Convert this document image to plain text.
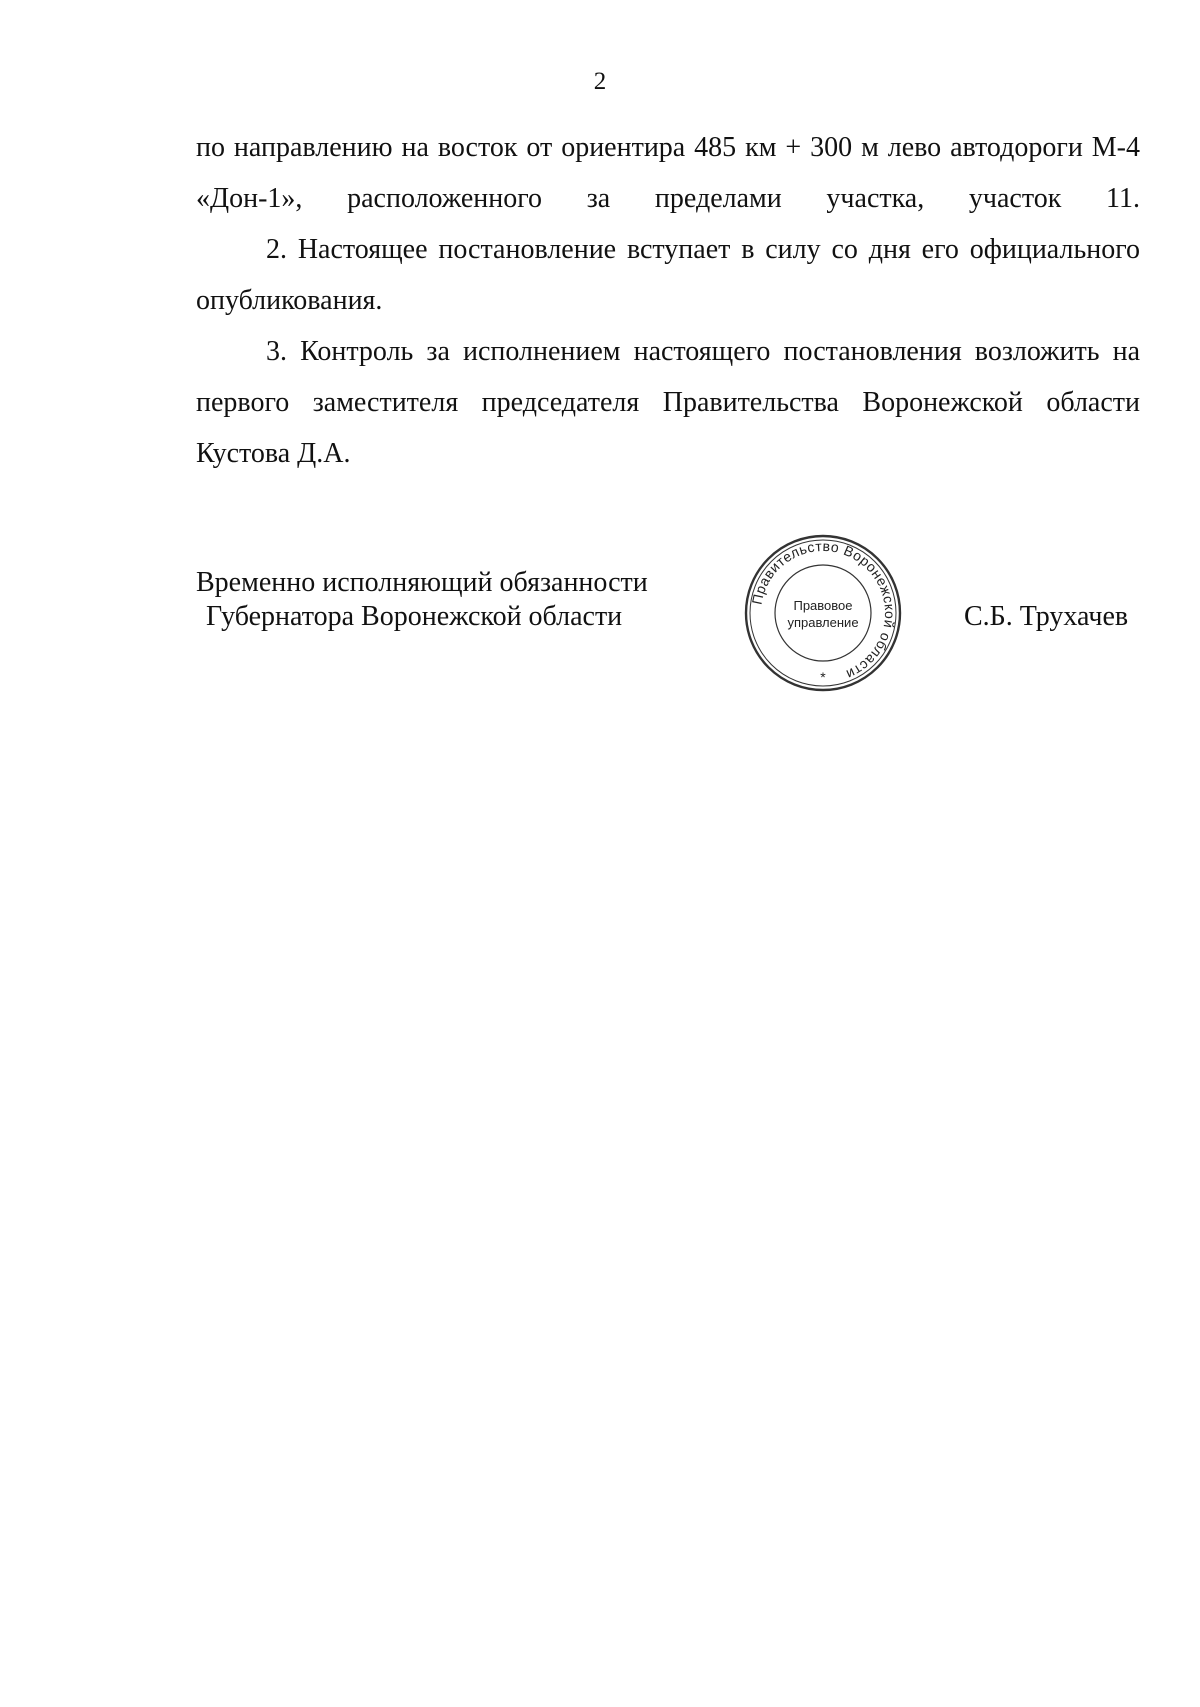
2

по направлению на восток от ориентира 485 км + 300 м лево автодороги М-4 «Дон-1», расположенного за пределами участка, участок 11.

2. Настоящее постановление вступает в силу со дня его официального опубликования.

3. Контроль за исполнением настоящего постановления возложить на первого заместителя председателя Правительства Воронежской области Кустова Д.А.

Временно исполняющий обязанности
Губернатора Воронежской области
Правительство Воронежской области
Правовое
управление
*
С.Б. Трухачев
